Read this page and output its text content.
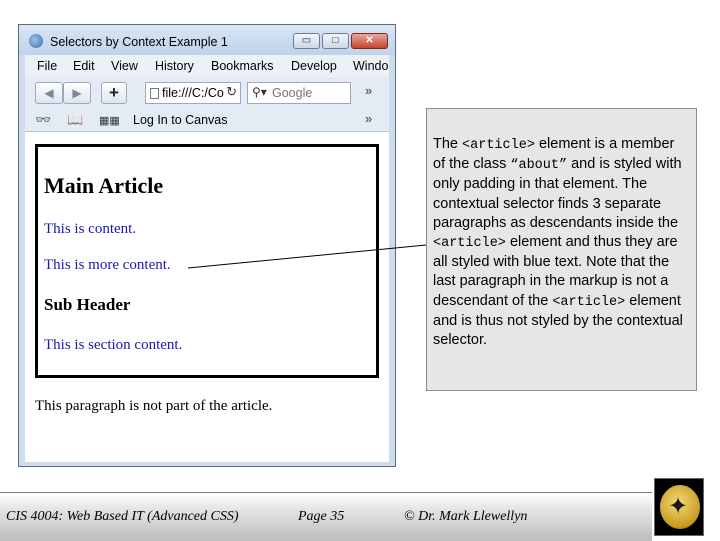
Selectors by Context Example 1	▭	□	✕
File Edit View History Bookmarks Develop Windo
◀	▶	+	file:///C:/Co ↻ ⚲▾
Google	»
👓 📖 ▦▦ Log In to Canvas	»
Main Article

This is content.

This is more content.

Sub Header

This is section content.

This paragraph is not part of the article.
The <article> element is a member of the class “about” and is styled with only padding in that element. The contextual selector finds 3 separate paragraphs as descendants inside the <article> element and thus they are all styled with blue text. Note that the last paragraph in the markup is not a descendant of the <article> element and is thus not styled by the contextual selector.
CIS 4004: Web Based IT (Advanced CSS)	Page 35	© Dr. Mark Llewellyn	✦
